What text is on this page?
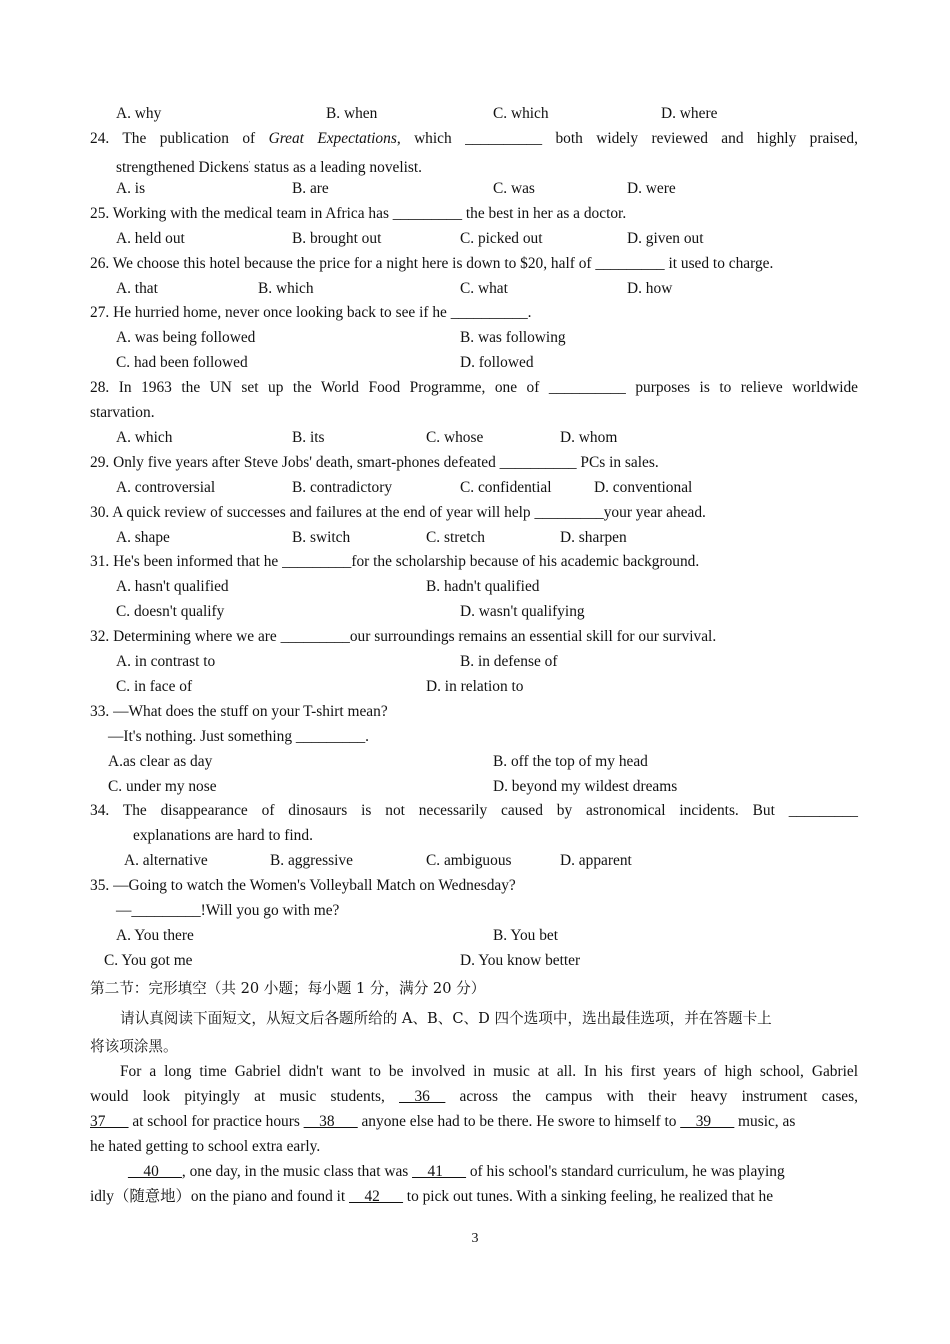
A. why	B. when	C. which	D. where
24. The publication of Great Expectations, which __________ both widely reviewed and highly praised,
strengthened Dickens' status as a leading novelist.
A. is	B. are	C. was	D. were
25. Working with the medical team in Africa has _________ the best in her as a doctor.
A. held out	B. brought out	C. picked out	D. given out
26. We choose this hotel because the price for a night here is down to $20, half of _________ it used to charge.
A. that	B. which	C. what	D. how
27. He hurried home, never once looking back to see if he __________.
A. was being followed	B. was following
C. had been followed	D. followed
28. In 1963 the UN set up the World Food Programme, one of __________ purposes is to relieve worldwide
starvation.
A. which	B. its	C. whose	D. whom
29. Only five years after Steve Jobs' death, smart-phones defeated __________ PCs in sales.
A. controversial	B. contradictory	C. confidential	D. conventional
30. A quick review of successes and failures at the end of year will help _________your year ahead.
A. shape	B. switch	C. stretch	D. sharpen
31. He's been informed that he _________for the scholarship because of his academic background.
A. hasn't qualified	B. hadn't qualified
C. doesn't qualify	D. wasn't qualifying
32. Determining where we are _________our surroundings remains an essential skill for our survival.
A. in contrast to	B. in defense of
C. in face of	D. in relation to
33. —What does the stuff on your T-shirt mean?
—It's nothing. Just something _________.
A.as clear as day	B. off the top of my head
C. under my nose	D. beyond my wildest dreams
34. The disappearance of dinosaurs is not necessarily caused by astronomical incidents. But _________
explanations are hard to find.
A. alternative	B. aggressive	C. ambiguous	D. apparent
35. —Going to watch the Women's Volleyball Match on Wednesday?
—_________!Will you go with me?
A. You there	B. You bet
C. You got me	D. You know better
第二节：完形填空（共 20 小题；每小题 1 分，满分 20 分）
请认真阅读下面短文，从短文后各题所给的 A、B、C、D 四个选项中，选出最佳选项，并在答题卡上
将该项涂黑。
For a long time Gabriel didn't want to be involved in music at all. In his first years of high school, Gabriel
would look pityingly at music students, __36__ across the campus with their heavy instrument cases,
37___ at school for practice hours __38___ anyone else had to be there. He swore to himself to __39___ music, as
he hated getting to school extra early.
__40___, one day, in the music class that was __41___ of his school's standard curriculum, he was playing
idly（随意地）on the piano and found it __42___ to pick out tunes. With a sinking feeling, he realized that he
3
